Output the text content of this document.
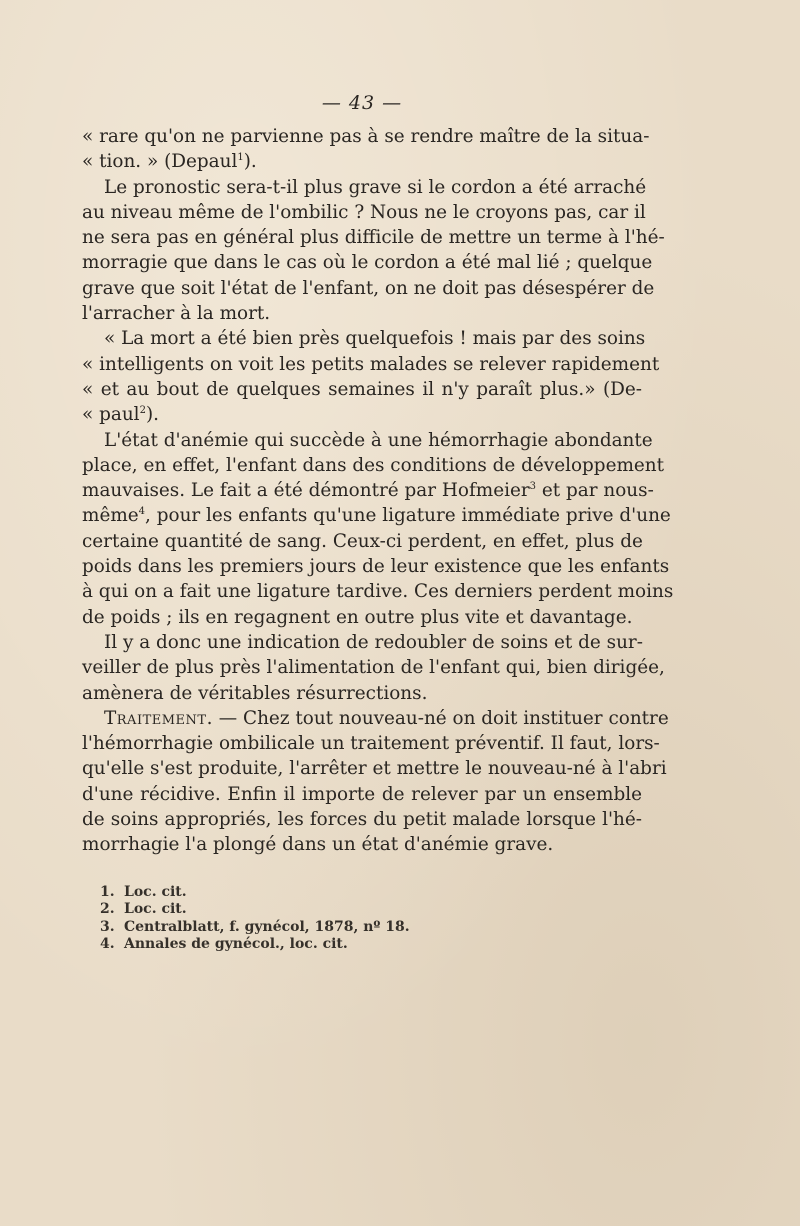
— 43 —

« rare qu'on ne parvienne pas à se rendre maître de la situa-
« tion. » (Depaul$^1$).

Le pronostic sera-t-il plus grave si le cordon a été arraché
au niveau même de l'ombilic ? Nous ne le croyons pas, car il
ne sera pas en général plus difficile de mettre un terme à l'hé-
morragie que dans le cas où le cordon a été mal lié ; quelque
grave que soit l'état de l'enfant, on ne doit pas désespérer de
l'arracher à la mort.

« La mort a été bien près quelquefois ! mais par des soins
« intelligents on voit les petits malades se relever rapidement
« et au bout de quelques semaines il n'y paraît plus.» (De-
« paul$^2$).

L'état d'anémie qui succède à une hémorrhagie abondante
place, en effet, l'enfant dans des conditions de développement
mauvaises. Le fait a été démontré par Hofmeier$^3$ et par nous-
même$^4$, pour les enfants qu'une ligature immédiate prive d'une
certaine quantité de sang. Ceux-ci perdent, en effet, plus de
poids dans les premiers jours de leur existence que les enfants
à qui on a fait une ligature tardive. Ces derniers perdent moins
de poids ; ils en regagnent en outre plus vite et davantage.

Il y a donc une indication de redoubler de soins et de sur-
veiller de plus près l'alimentation de l'enfant qui, bien dirigée,
amènera de véritables résurrections.

Traitement. — Chez tout nouveau-né on doit instituer contre
l'hémorrhagie ombilicale un traitement préventif. Il faut, lors-
qu'elle s'est produite, l'arrêter et mettre le nouveau-né à l'abri
d'une récidive. Enfin il importe de relever par un ensemble
de soins appropriés, les forces du petit malade lorsque l'hé-
morrhagie l'a plongé dans un état d'anémie grave.

1. Loc. cit.
2. Loc. cit.
3. Centralblatt, f. gynécol, 1878, nº 18.
4. Annales de gynécol., loc. cit.
